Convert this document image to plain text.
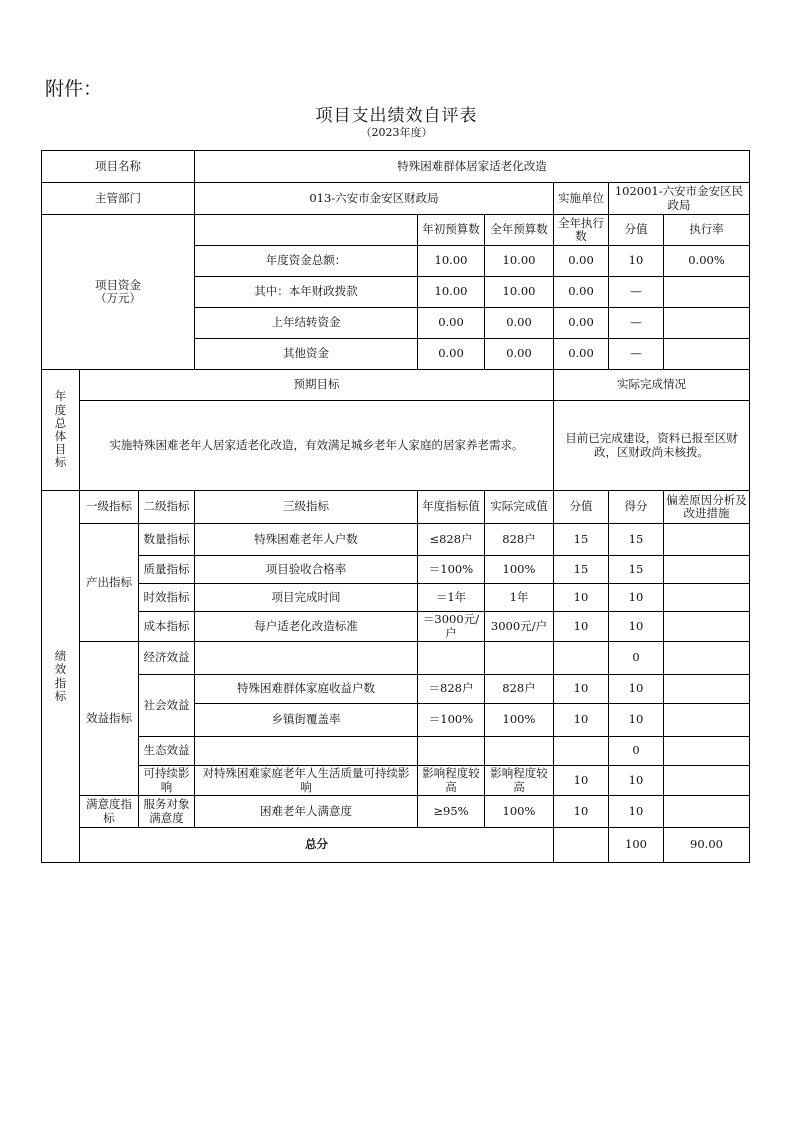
附件：
项目支出绩效自评表
（2023年度）
项目名称			特殊困难群体居家适老化改造						
主管部门			013-六安市金安区财政局			实施单位	102001-六安市金安区民政局		
项目资金
（万元）				年初预算数	全年预算数	全年执行数	分值	执行率	
			年度资金总额：	10.00	10.00	0.00	10	0.00%	
			其中：本年财政拨款	10.00	10.00	0.00	—		
			上年结转资金	0.00	0.00	0.00	—		
			其他资金	0.00	0.00	0.00	—		

年度总体目标	预期目标					实际完成情况			
	实施特殊困难老年人居家适老化改造，有效满足城乡老年人家庭的居家养老需求。					目前已完成建设，资料已报至区财政，区财政尚未核拨。			

绩效指标	一级指标	二级指标	三级指标	年度指标值	实际完成值	分值	得分	偏差原因分析及改进措施	
	产出指标	数量指标	特殊困难老年人户数	≤828户	828户	15	15		
		质量指标	项目验收合格率	＝100%	100%	15	15		
		时效指标	项目完成时间	＝1年	1年	10	10		
		成本指标	每户适老化改造标准	＝3000元/户	3000元/户	10	10		
	效益指标	经济效益					0		
		社会效益	特殊困难群体家庭收益户数	＝828户	828户	10	10		
			乡镇街覆盖率	＝100%	100%	10	10		
		生态效益					0		
		可持续影响	对特殊困难家庭老年人生活质量可持续影响	影响程度较高	影响程度较高	10	10		
	满意度指标	服务对象满意度	困难老年人满意度	≥95%	100%	10	10		
	总分						100	90.00	
